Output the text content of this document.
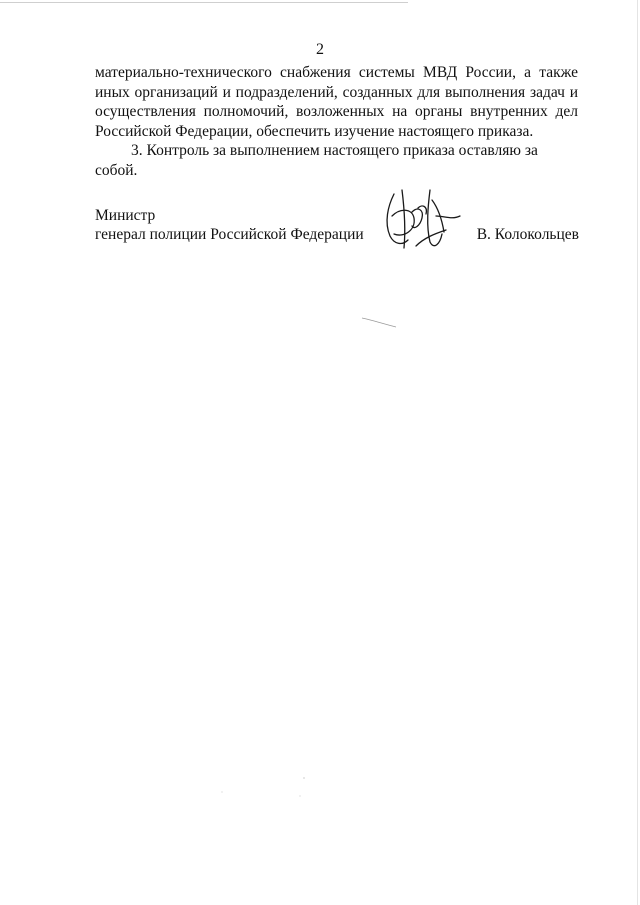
2

материально-технического снабжения системы МВД России, а также иных организаций и подразделений, созданных для выполнения задач и осуществления полномочий, возложенных на органы внутренних дел Российской Федерации, обеспечить изучение настоящего приказа.

3. Контроль за выполнением настоящего приказа оставляю за собой.

Министр
генерал полиции Российской Федерации	В. Колокольцев
